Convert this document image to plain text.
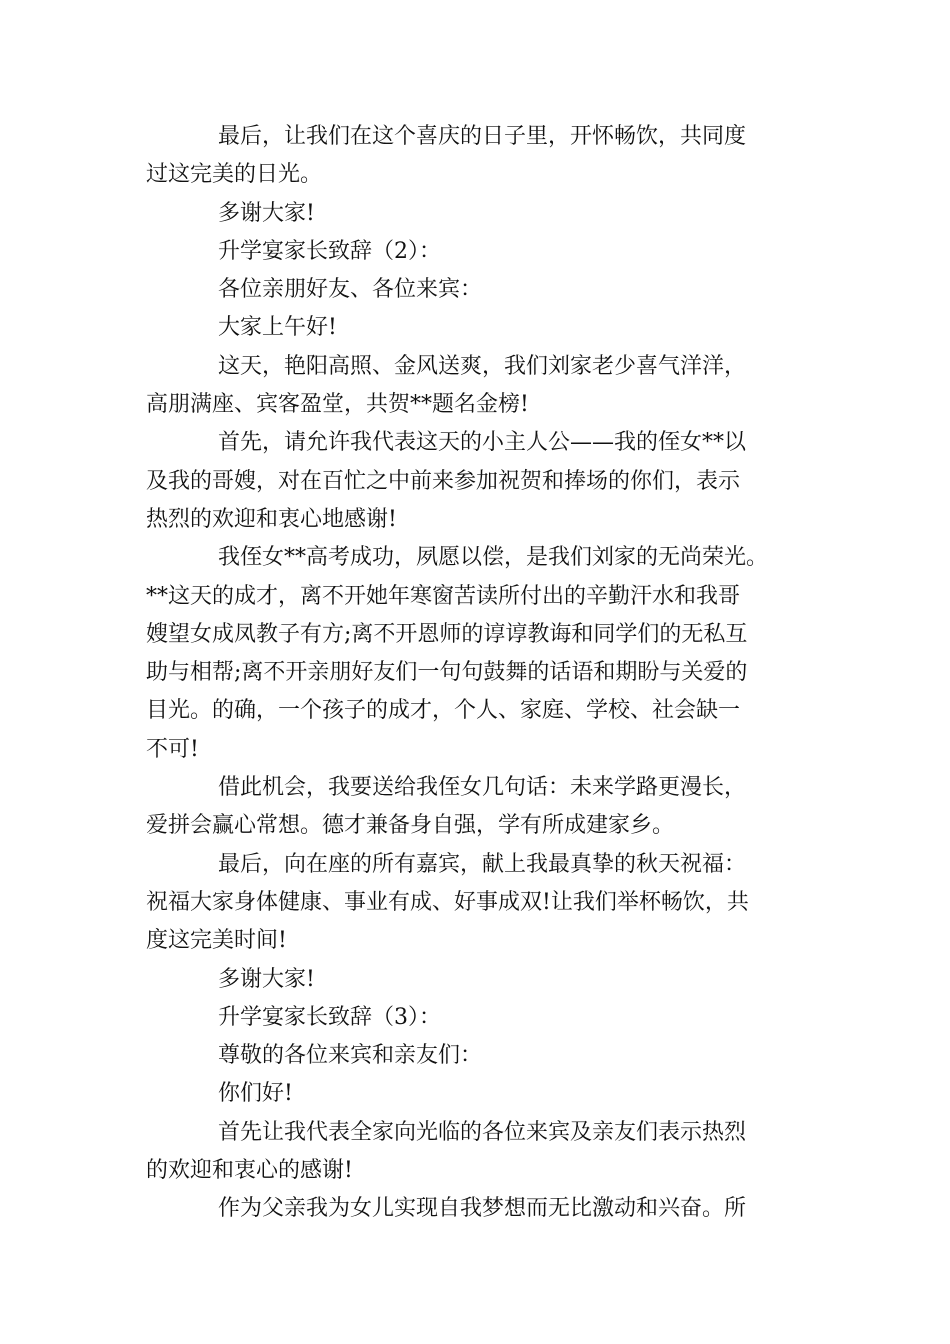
最后，让我们在这个喜庆的日子里，开怀畅饮，共同度
过这完美的日光。
多谢大家!
升学宴家长致辞（2）：
各位亲朋好友、各位来宾：
大家上午好!
这天，艳阳高照、金风送爽，我们刘家老少喜气洋洋，
高朋满座、宾客盈堂，共贺**题名金榜!
首先，请允许我代表这天的小主人公——我的侄女**以
及我的哥嫂，对在百忙之中前来参加祝贺和捧场的你们，表示
热烈的欢迎和衷心地感谢!
我侄女**高考成功，夙愿以偿，是我们刘家的无尚荣光。
**这天的成才，离不开她年寒窗苦读所付出的辛勤汗水和我哥
嫂望女成凤教子有方;离不开恩师的谆谆教诲和同学们的无私互
助与相帮;离不开亲朋好友们一句句鼓舞的话语和期盼与关爱的
目光。的确，一个孩子的成才，个人、家庭、学校、社会缺一
不可!
借此机会，我要送给我侄女几句话：未来学路更漫长，
爱拼会赢心常想。德才兼备身自强，学有所成建家乡。
最后，向在座的所有嘉宾，献上我最真挚的秋天祝福：
祝福大家身体健康、事业有成、好事成双!让我们举杯畅饮，共
度这完美时间!
多谢大家!
升学宴家长致辞（3）：
尊敬的各位来宾和亲友们：
你们好!
首先让我代表全家向光临的各位来宾及亲友们表示热烈
的欢迎和衷心的感谢!
作为父亲我为女儿实现自我梦想而无比激动和兴奋。所
